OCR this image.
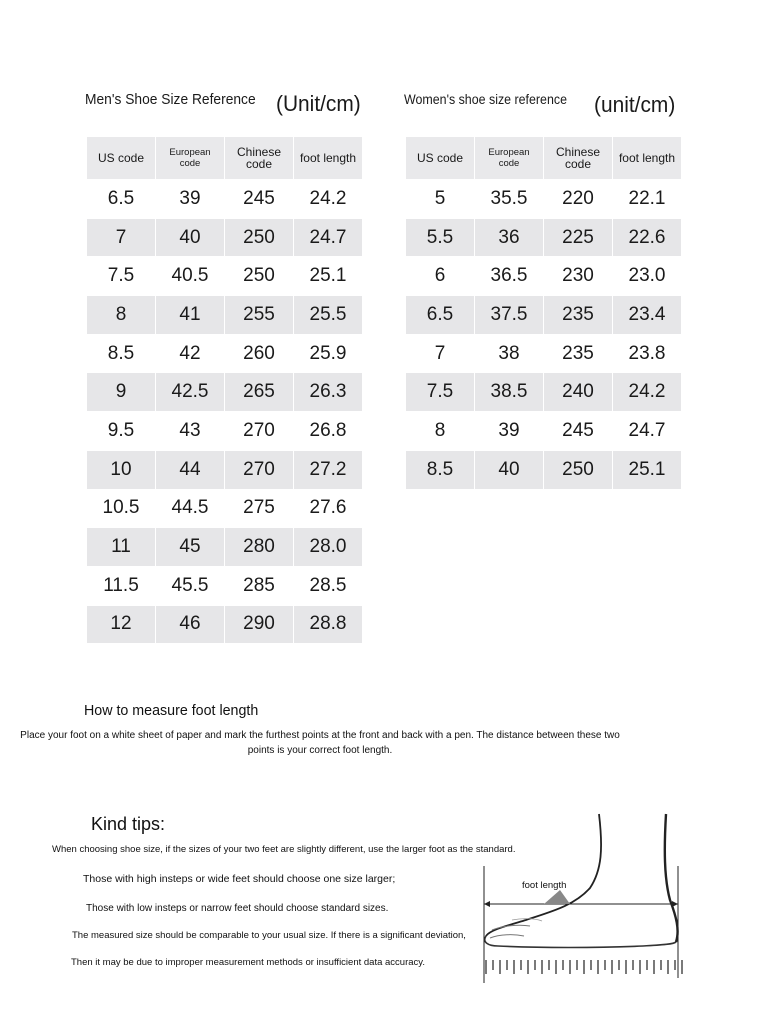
Men's Shoe Size Reference (Unit/cm)
US code	European code	Chinese code	foot length
6.5	39	245	24.2
7	40	250	24.7
7.5	40.5	250	25.1
8	41	255	25.5
8.5	42	260	25.9
9	42.5	265	26.3
9.5	43	270	26.8
10	44	270	27.2
10.5	44.5	275	27.6
11	45	280	28.0
11.5	45.5	285	28.5
12	46	290	28.8
Women's shoe size reference (unit/cm)
US code	European code	Chinese code	foot length
5	35.5	220	22.1
5.5	36	225	22.6
6	36.5	230	23.0
6.5	37.5	235	23.4
7	38	235	23.8
7.5	38.5	240	24.2
8	39	245	24.7
8.5	40	250	25.1
How to measure foot length
Place your foot on a white sheet of paper and mark the furthest points at the front and back with a pen. The distance between these two points is your correct foot length.
Kind tips:
When choosing shoe size, if the sizes of your two feet are slightly different, use the larger foot as the standard.
Those with high insteps or wide feet should choose one size larger;
Those with low insteps or narrow feet should choose standard sizes.
The measured size should be comparable to your usual size. If there is a significant deviation,
Then it may be due to improper measurement methods or insufficient data accuracy.
foot length
